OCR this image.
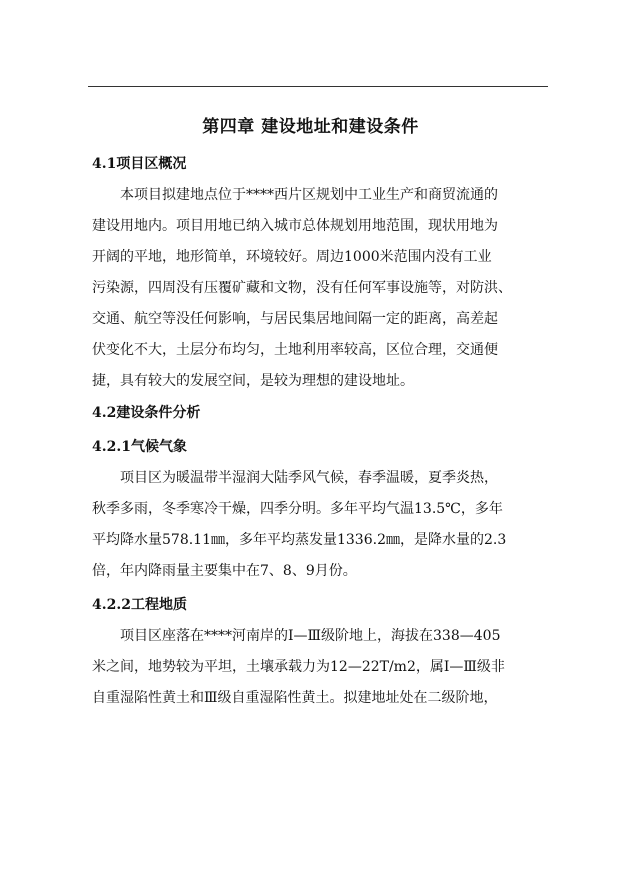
第四章 建设地址和建设条件
4.1项目区概况
本项目拟建地点位于****西片区规划中工业生产和商贸流通的
建设用地内。项目用地已纳入城市总体规划用地范围，现状用地为
开阔的平地，地形简单，环境较好。周边1000米范围内没有工业
污染源，四周没有压覆矿藏和文物，没有任何军事设施等，对防洪、
交通、航空等没任何影响，与居民集居地间隔一定的距离，高差起
伏变化不大，土层分布均匀，土地利用率较高，区位合理，交通便
捷，具有较大的发展空间，是较为理想的建设地址。
4.2建设条件分析
4.2.1气候气象
项目区为暖温带半湿润大陆季风气候，春季温暖，夏季炎热，
秋季多雨，冬季寒冷干燥，四季分明。多年平均气温13.5℃，多年
平均降水量578.11㎜，多年平均蒸发量1336.2㎜，是降水量的2.3
倍，年内降雨量主要集中在7、8、9月份。
4.2.2工程地质
项目区座落在****河南岸的Ⅰ—Ⅲ级阶地上，海拔在338—405
米之间，地势较为平坦，土壤承载力为12—22T/m2，属Ⅰ—Ⅲ级非
自重湿陷性黄土和Ⅲ级自重湿陷性黄土。拟建地址处在二级阶地，
